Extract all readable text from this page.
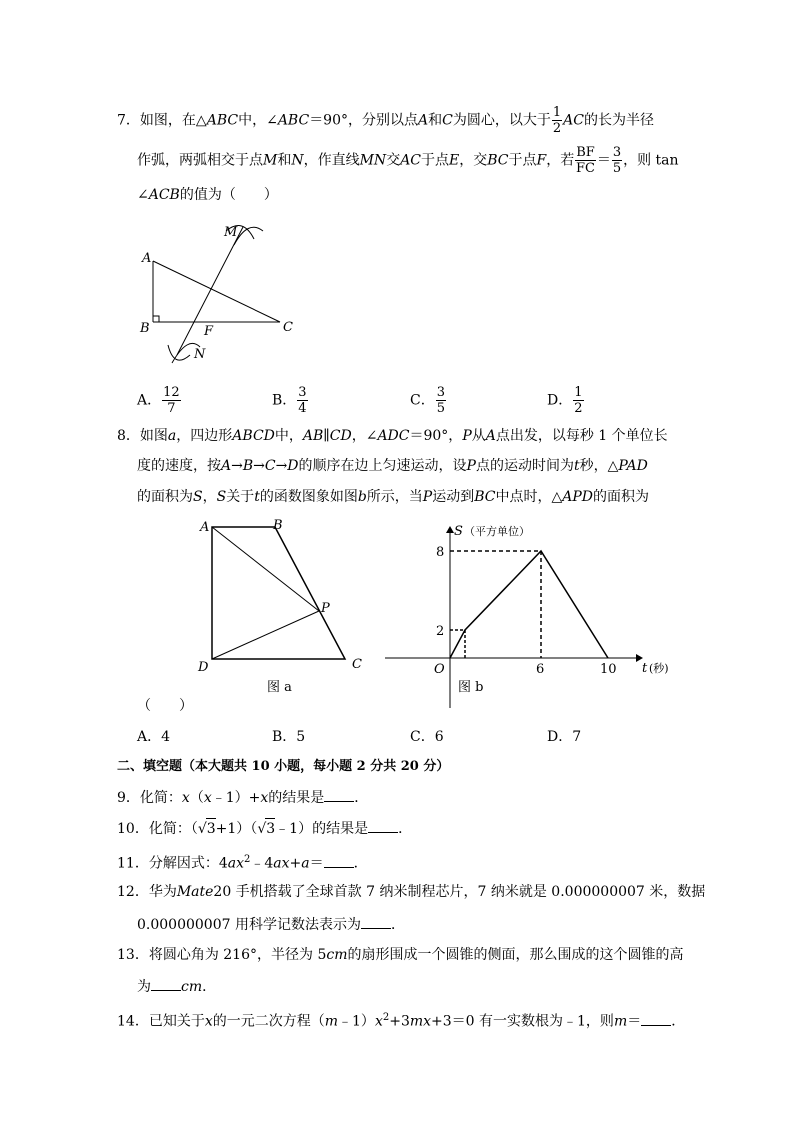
7．如图，在△ABC中，∠ABC＝90°，分别以点A和C为圆心，以大于 $\frac{1}{2}$ AC的长为半径
作弧，两弧相交于点M和N，作直线MN交AC于点E，交BC于点F，若 $\frac{BF}{FC} = \frac{3}{5}$ ，则 tan
∠ACB的值为（　　）
A
B	C
F
M
N
A． $\frac{12}{7}$	B． $\frac{3}{4}$	C． $\frac{3}{5}$	D． $\frac{1}{2}$
8．如图a，四边形ABCD中，AB∥CD，∠ADC＝90°，P从A点出发，以每秒 1 个单位长
度的速度，按A→B→C→D的顺序在边上匀速运动，设P点的运动时间为t秒，△PAD
的面积为S，S关于t的函数图象如图b所示，当P运动到BC中点时，△APD的面积为
A	B
C
D
P
图 a
S （平方单位）
8
2
O	6	10 t (秒)
图 b
（　　）
A．4	B．5	C．6	D．7
二、填空题（本大题共 10 小题，每小题 2 分共 20 分）
9．化简：x（x﹣1）+x的结果是 ．
10．化简：（√3+1）（√3﹣1）的结果是 ．
11．分解因式：$4ax^2﹣4ax+a=$ ．
12．华为Mate20 手机搭载了全球首款 7 纳米制程芯片，7 纳米就是 0.000000007 米，数据
0.000000007 用科学记数法表示为 ．
13．将圆心角为 216°，半径为 5cm的扇形围成一个圆锥的侧面，那么围成的这个圆锥的高
为 cm．
14．已知关于x的一元二次方程$(m﹣1)x^2+3mx+3=0$ 有一实数根为﹣1，则m＝ ．
